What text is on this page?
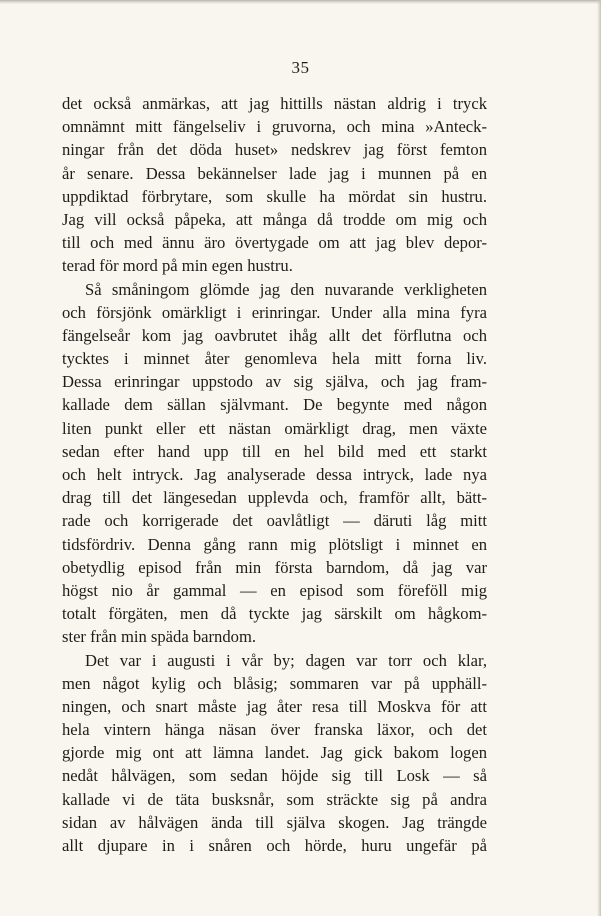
35
det också anmärkas, att jag hittills nästan aldrig i tryck
omnämnt mitt fängelseliv i gruvorna, och mina »Anteck-
ningar från det döda huset» nedskrev jag först femton
år senare. Dessa bekännelser lade jag i munnen på en
uppdiktad förbrytare, som skulle ha mördat sin hustru.
Jag vill också påpeka, att många då trodde om mig och
till och med ännu äro övertygade om att jag blev depor-
terad för mord på min egen hustru.
Så småningom glömde jag den nuvarande verkligheten
och försjönk omärkligt i erinringar. Under alla mina fyra
fängelseår kom jag oavbrutet ihåg allt det förflutna och
tycktes i minnet åter genomleva hela mitt forna liv.
Dessa erinringar uppstodo av sig själva, och jag fram-
kallade dem sällan självmant. De begynte med någon
liten punkt eller ett nästan omärkligt drag, men växte
sedan efter hand upp till en hel bild med ett starkt
och helt intryck. Jag analyserade dessa intryck, lade nya
drag till det längesedan upplevda och, framför allt, bätt-
rade och korrigerade det oavlåtligt — däruti låg mitt
tidsfördriv. Denna gång rann mig plötsligt i minnet en
obetydlig episod från min första barndom, då jag var
högst nio år gammal — en episod som föreföll mig
totalt förgäten, men då tyckte jag särskilt om hågkom-
ster från min späda barndom.
Det var i augusti i vår by; dagen var torr och klar,
men något kylig och blåsig; sommaren var på upphäll-
ningen, och snart måste jag åter resa till Moskva för att
hela vintern hänga näsan över franska läxor, och det
gjorde mig ont att lämna landet. Jag gick bakom logen
nedåt hålvägen, som sedan höjde sig till Losk — så
kallade vi de täta busksnår, som sträckte sig på andra
sidan av hålvägen ända till själva skogen. Jag trängde
allt djupare in i snåren och hörde, huru ungefär på
